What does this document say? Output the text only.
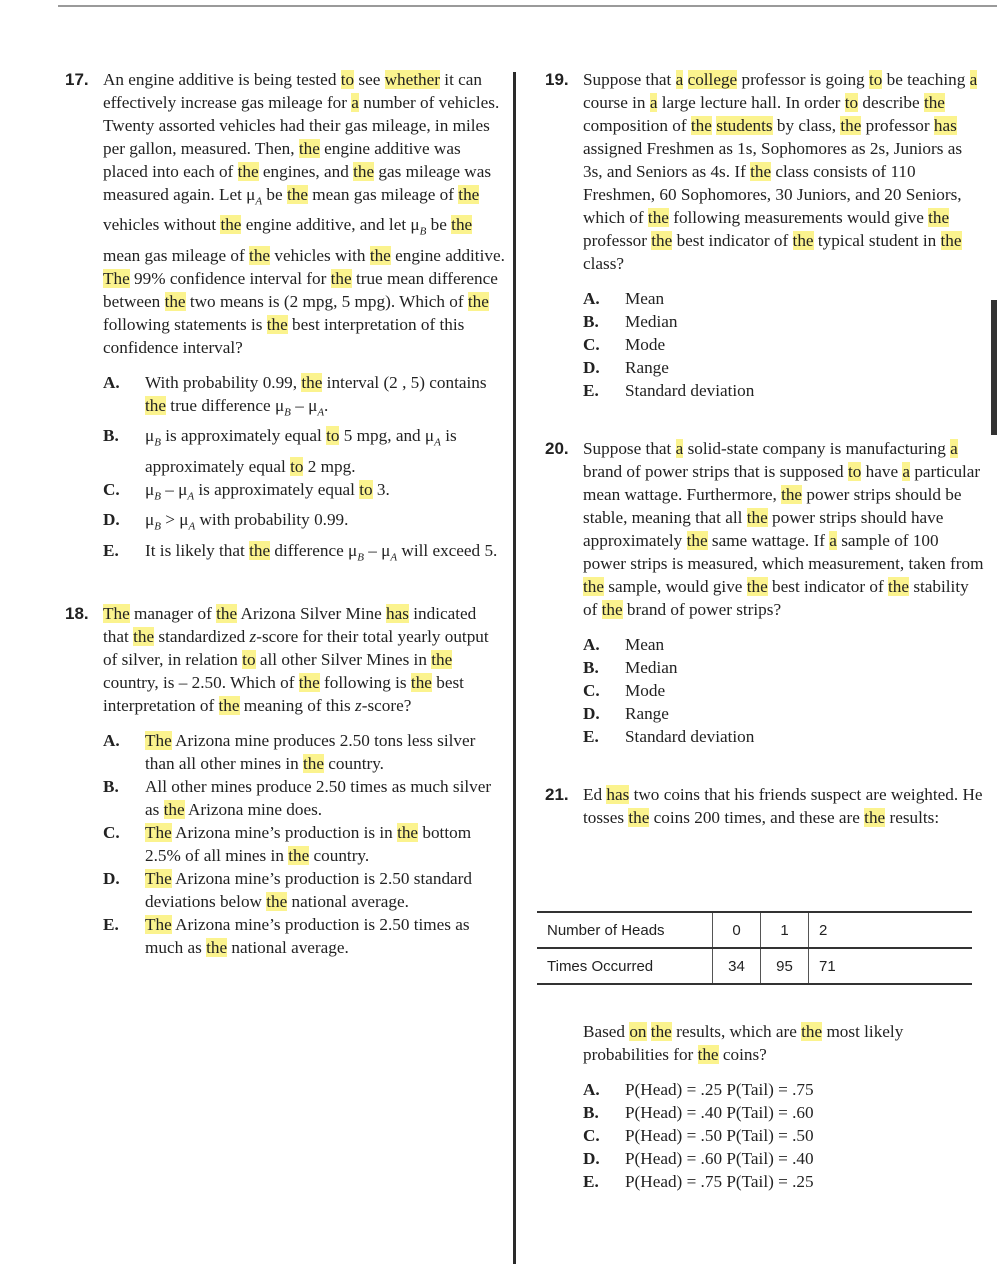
17. An engine additive is being tested to see whether it can effectively increase gas mileage for a number of vehicles. Twenty assorted vehicles had their gas mileage, in miles per gallon, measured. Then, the engine additive was placed into each of the engines, and the gas mileage was measured again. Let $\mu_A$ be the mean gas mileage of the vehicles without the engine additive, and let $\mu_B$ be the mean gas mileage of the vehicles with the engine additive. The 99% confidence interval for the true mean difference between the two means is (2 mpg, 5 mpg). Which of the following statements is the best interpretation of this confidence interval?

A. With probability 0.99, the interval (2 , 5) contains the true difference $\mu_B - \mu_A$.
B. $\mu_B$ is approximately equal to 5 mpg, and $\mu_A$ is approximately equal to 2 mpg.
C. $\mu_B - \mu_A$ is approximately equal to 3.
D. $\mu_B > \mu_A$ with probability 0.99.
E. It is likely that the difference $\mu_B - \mu_A$ will exceed 5.
18. The manager of the Arizona Silver Mine has indicated that the standardized z-score for their total yearly output of silver, in relation to all other Silver Mines in the country, is – 2.50. Which of the following is the best interpretation of the meaning of this z-score?

A. The Arizona mine produces 2.50 tons less silver than all other mines in the country.
B. All other mines produce 2.50 times as much silver as the Arizona mine does.
C. The Arizona mine’s production is in the bottom 2.5% of all mines in the country.
D. The Arizona mine’s production is 2.50 standard deviations below the national average.
E. The Arizona mine’s production is 2.50 times as much as the national average.
19. Suppose that a college professor is going to be teaching a course in a large lecture hall. In order to describe the composition of the students by class, the professor has assigned Freshmen as 1s, Sophomores as 2s, Juniors as 3s, and Seniors as 4s. If the class consists of 110 Freshmen, 60 Sophomores, 30 Juniors, and 20 Seniors, which of the following measurements would give the professor the best indicator of the typical student in the class?

A. Mean
B. Median
C. Mode
D. Range
E. Standard deviation
20. Suppose that a solid-state company is manufacturing a brand of power strips that is supposed to have a particular mean wattage. Furthermore, the power strips should be stable, meaning that all the power strips should have approximately the same wattage. If a sample of 100 power strips is measured, which measurement, taken from the sample, would give the best indicator of the stability of the brand of power strips?

A. Mean
B. Median
C. Mode
D. Range
E. Standard deviation
21. Ed has two coins that his friends suspect are weighted. He tosses the coins 200 times, and these are the results:

Number of Heads	0	1	2
Times Occurred	34	95	71

Based on the results, which are the most likely probabilities for the coins?

A. P(Head) = .25 P(Tail) = .75
B. P(Head) = .40 P(Tail) = .60
C. P(Head) = .50 P(Tail) = .50
D. P(Head) = .60 P(Tail) = .40
E. P(Head) = .75 P(Tail) = .25
